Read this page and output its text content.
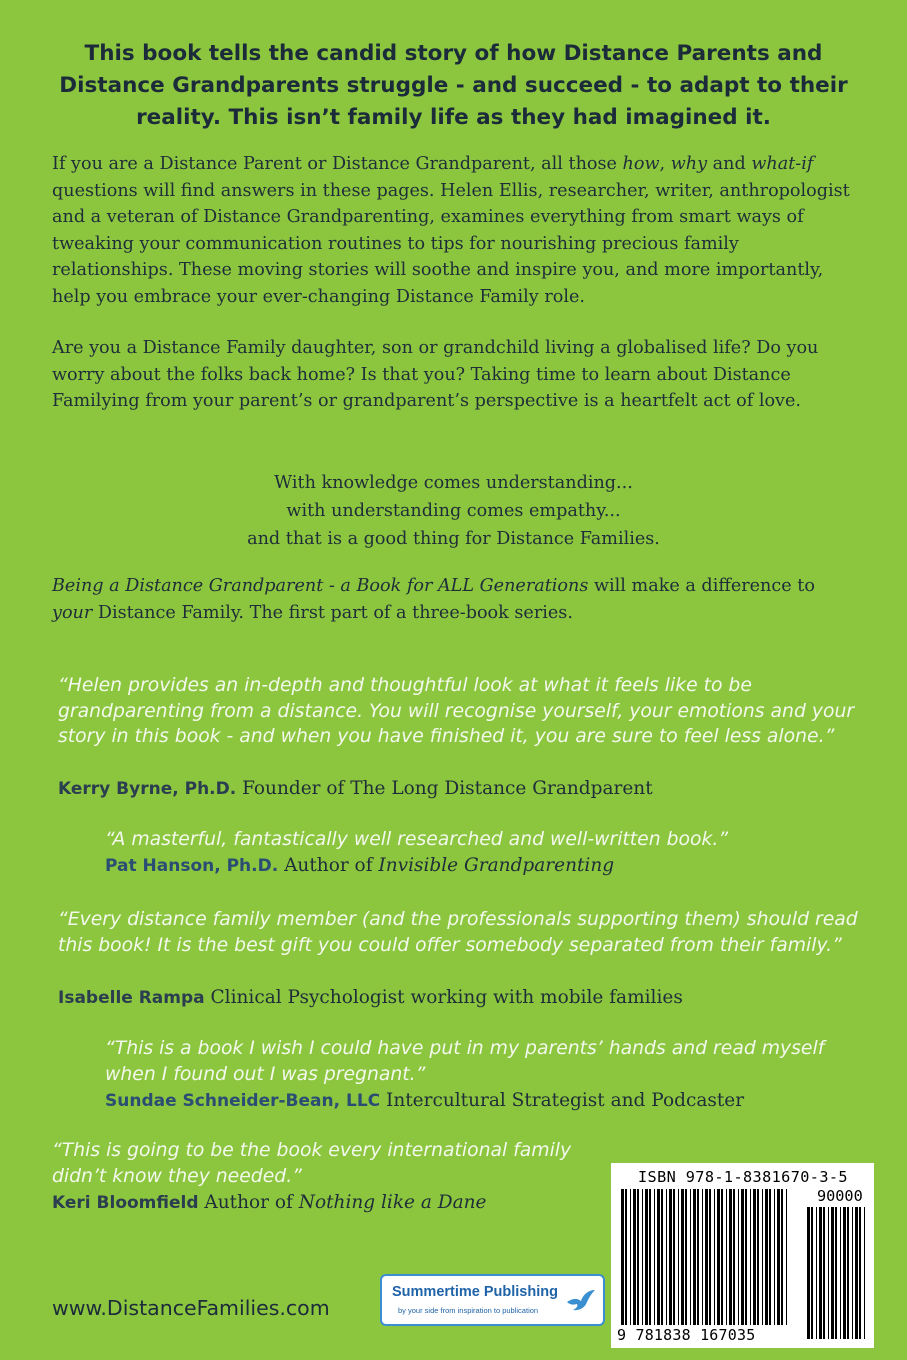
This book tells the candid story of how Distance Parents and Distance Grandparents struggle - and succeed - to adapt to their reality. This isn’t family life as they had imagined it.
If you are a Distance Parent or Distance Grandparent, all those how, why and what-if questions will find answers in these pages. Helen Ellis, researcher, writer, anthropologist and a veteran of Distance Grandparenting, examines everything from smart ways of tweaking your communication routines to tips for nourishing precious family relationships. These moving stories will soothe and inspire you, and more importantly, help you embrace your ever-changing Distance Family role.
Are you a Distance Family daughter, son or grandchild living a globalised life? Do you worry about the folks back home? Is that you? Taking time to learn about Distance Familying from your parent’s or grandparent’s perspective is a heartfelt act of love.
With knowledge comes understanding...
with understanding comes empathy...
and that is a good thing for Distance Families.
Being a Distance Grandparent - a Book for ALL Generations will make a difference to your Distance Family. The first part of a three-book series.

“Helen provides an in-depth and thoughtful look at what it feels like to be grandparenting from a distance. You will recognise yourself, your emotions and your story in this book - and when you have finished it, you are sure to feel less alone.”

Kerry Byrne, Ph.D. Founder of The Long Distance Grandparent

“A masterful, fantastically well researched and well-written book.”

Pat Hanson, Ph.D. Author of Invisible Grandparenting

“Every distance family member (and the professionals supporting them) should read this book! It is the best gift you could offer somebody separated from their family.”

Isabelle Rampa Clinical Psychologist working with mobile families

“This is a book I wish I could have put in my parents’ hands and read myself when I found out I was pregnant.”

Sundae Schneider-Bean, LLC Intercultural Strategist and Podcaster

“This is going to be the book every international family didn’t know they needed.”

Keri Bloomfield Author of Nothing like a Dane
www.DistanceFamilies.com
Summertime Publishing
by your side from inspiration to publication
ISBN 978-1-8381670-3-5
90000
9 781838 167035
